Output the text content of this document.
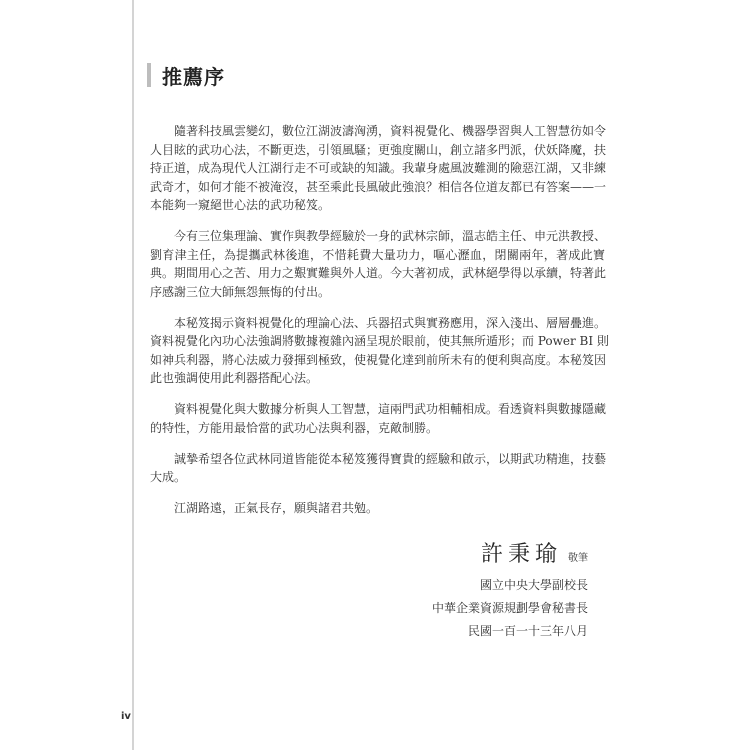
推薦序
隨著科技風雲變幻，數位江湖波濤洶湧，資料視覺化、機器學習與人工智慧彷如令
人目眩的武功心法，不斷更迭，引領風騷；更強度關山，創立諸多門派，伏妖降魔，扶
持正道，成為現代人江湖行走不可或缺的知識。我輩身處風波難測的險惡江湖，又非練
武奇才，如何才能不被淹沒，甚至乘此長風破此強浪？相信各位道友都已有答案——一
本能夠一窺絕世心法的武功秘笈。
今有三位集理論、實作與教學經驗於一身的武林宗師，溫志皓主任、申元洪教授、
劉育津主任，為提攜武林後進，不惜耗費大量功力，嘔心瀝血，閉關兩年，著成此寶
典。期間用心之苦、用力之艱實難與外人道。今大著初成，武林絕學得以承續，特著此
序感謝三位大師無怨無悔的付出。
本秘笈揭示資料視覺化的理論心法、兵器招式與實務應用，深入淺出、層層疊進。
資料視覺化內功心法強調將數據複雜內涵呈現於眼前，使其無所遁形；而 Power BI 則
如神兵利器，將心法威力發揮到極致，使視覺化達到前所未有的便利與高度。本秘笈因
此也強調使用此利器搭配心法。
資料視覺化與大數據分析與人工智慧，這兩門武功相輔相成。看透資料與數據隱藏
的特性，方能用最恰當的武功心法與利器，克敵制勝。
誠摯希望各位武林同道皆能從本秘笈獲得寶貴的經驗和啟示，以期武功精進，技藝
大成。
江湖路遠，正氣長存，願與諸君共勉。
許秉瑜 敬筆
國立中央大學副校長
中華企業資源規劃學會秘書長
民國一百一十三年八月
iv
